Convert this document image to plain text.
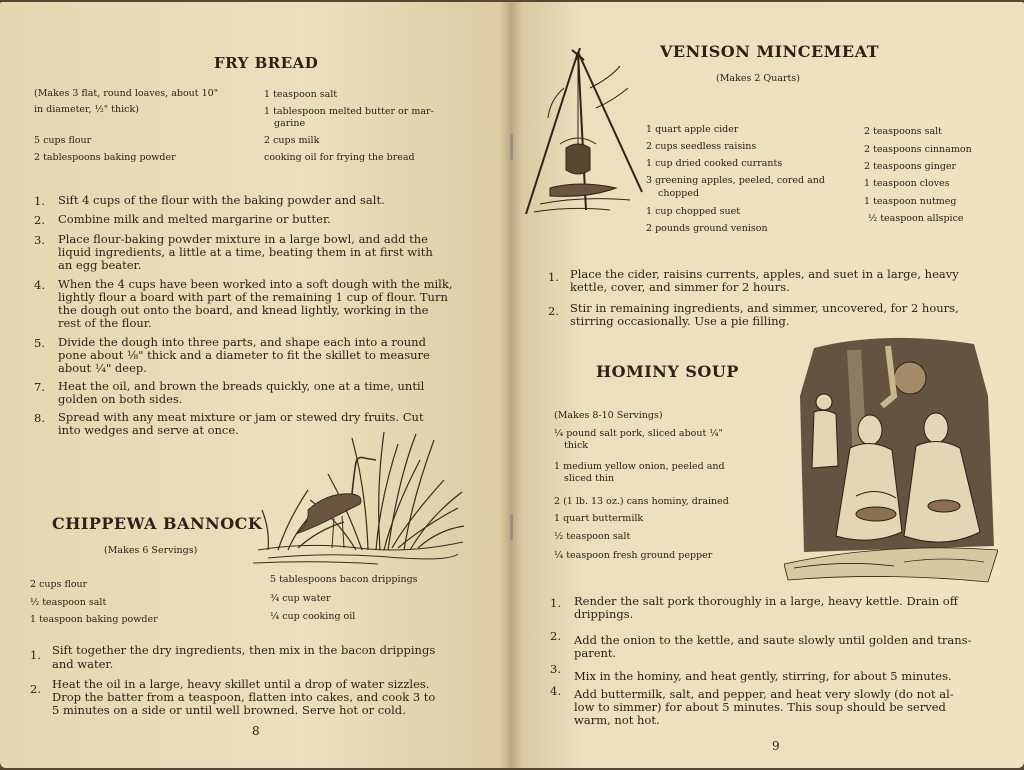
FRY BREAD
(Makes 3 flat, round loaves, about 10"
in diameter, ½" thick)
5 cups flour
2 tablespoons baking powder
1 teaspoon salt
1 tablespoon melted butter or mar-
garine
2 cups milk
cooking oil for frying the bread
1. Sift 4 cups of the flour with the baking powder and salt.
2. Combine milk and melted margarine or butter.
3. Place flour-baking powder mixture in a large bowl, and add the
liquid ingredients, a little at a time, beating them in at first with
an egg beater.
4. When the 4 cups have been worked into a soft dough with the milk,
lightly flour a board with part of the remaining 1 cup of flour. Turn
the dough out onto the board, and knead lightly, working in the
rest of the flour.
5. Divide the dough into three parts, and shape each into a round
pone about ⅛" thick and a diameter to fit the skillet to measure
about ¼" deep.
7. Heat the oil, and brown the breads quickly, one at a time, until
golden on both sides.
8. Spread with any meat mixture or jam or stewed dry fruits. Cut
into wedges and serve at once.
CHIPPEWA BANNOCK
(Makes 6 Servings)
2 cups flour
½ teaspoon salt
1 teaspoon baking powder
5 tablespoons bacon drippings
¾ cup water
¼ cup cooking oil
1. Sift together the dry ingredients, then mix in the bacon drippings
and water.
2. Heat the oil in a large, heavy skillet until a drop of water sizzles.
Drop the batter from a teaspoon, flatten into cakes, and cook 3 to
5 minutes on a side or until well browned. Serve hot or cold.
8
VENISON MINCEMEAT
(Makes 2 Quarts)
1 quart apple cider
2 cups seedless raisins
1 cup dried cooked currants
3 greening apples, peeled, cored and
chopped
1 cup chopped suet
2 pounds ground venison
2 teaspoons salt
2 teaspoons cinnamon
2 teaspoons ginger
1 teaspoon cloves
1 teaspoon nutmeg
½ teaspoon allspice
1. Place the cider, raisins currents, apples, and suet in a large, heavy
kettle, cover, and simmer for 2 hours.
2. Stir in remaining ingredients, and simmer, uncovered, for 2 hours,
stirring occasionally. Use a pie filling.
HOMINY SOUP
(Makes 8-10 Servings)
¼ pound salt pork, sliced about ¼"
thick
1 medium yellow onion, peeled and
sliced thin
2 (1 lb. 13 oz.) cans hominy, drained
1 quart buttermilk
½ teaspoon salt
¼ teaspoon fresh ground pepper
1. Render the salt pork thoroughly in a large, heavy kettle. Drain off
drippings.
2. Add the onion to the kettle, and saute slowly until golden and trans-
parent.
3. Mix in the hominy, and heat gently, stirring, for about 5 minutes.
4. Add buttermilk, salt, and pepper, and heat very slowly (do not al-
low to simmer) for about 5 minutes. This soup should be served
warm, not hot.
9
